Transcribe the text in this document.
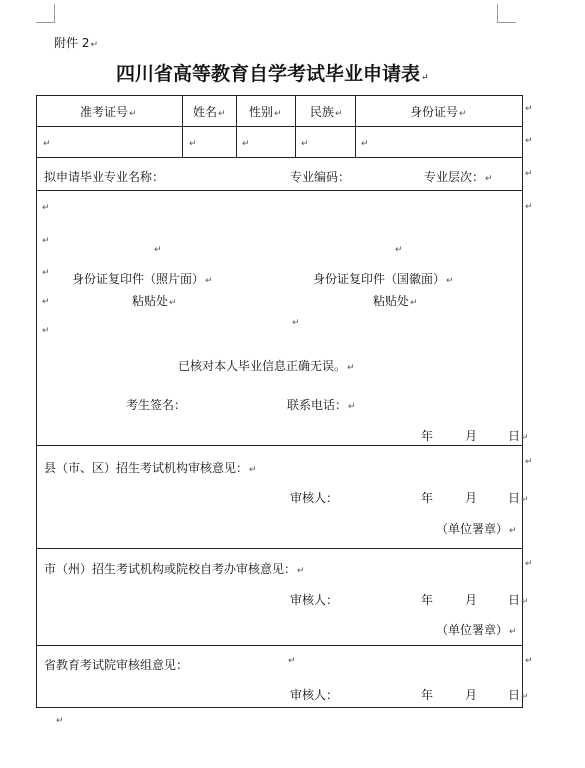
附件 2↵
四川省高等教育自学考试毕业申请表↵
准考证号↵	姓名↵ 性别↵ 民族↵	身份证号↵
↵	↵	↵	↵	↵
拟申请毕业专业名称：	专业编码：	专业层次：↵
↵
↵
↵
↵
↵
↵	↵
↵
身份证复印件（照片面）↵
粘贴处↵
身份证复印件（国徽面）↵
粘贴处↵
已核对本人毕业信息正确无误。↵
考生签名：	联系电话：↵
年	月	日↵
县（市、区）招生考试机构审核意见：↵
审核人：	年	月	日↵
（单位署章）↵
市（州）招生考试机构或院校自考办审核意见：↵
审核人：	年	月	日↵
（单位署章）↵
省教育考试院审核组意见：	↵
审核人：	年	月	日↵
↵
↵
↵
↵
↵
↵
↵
↵
